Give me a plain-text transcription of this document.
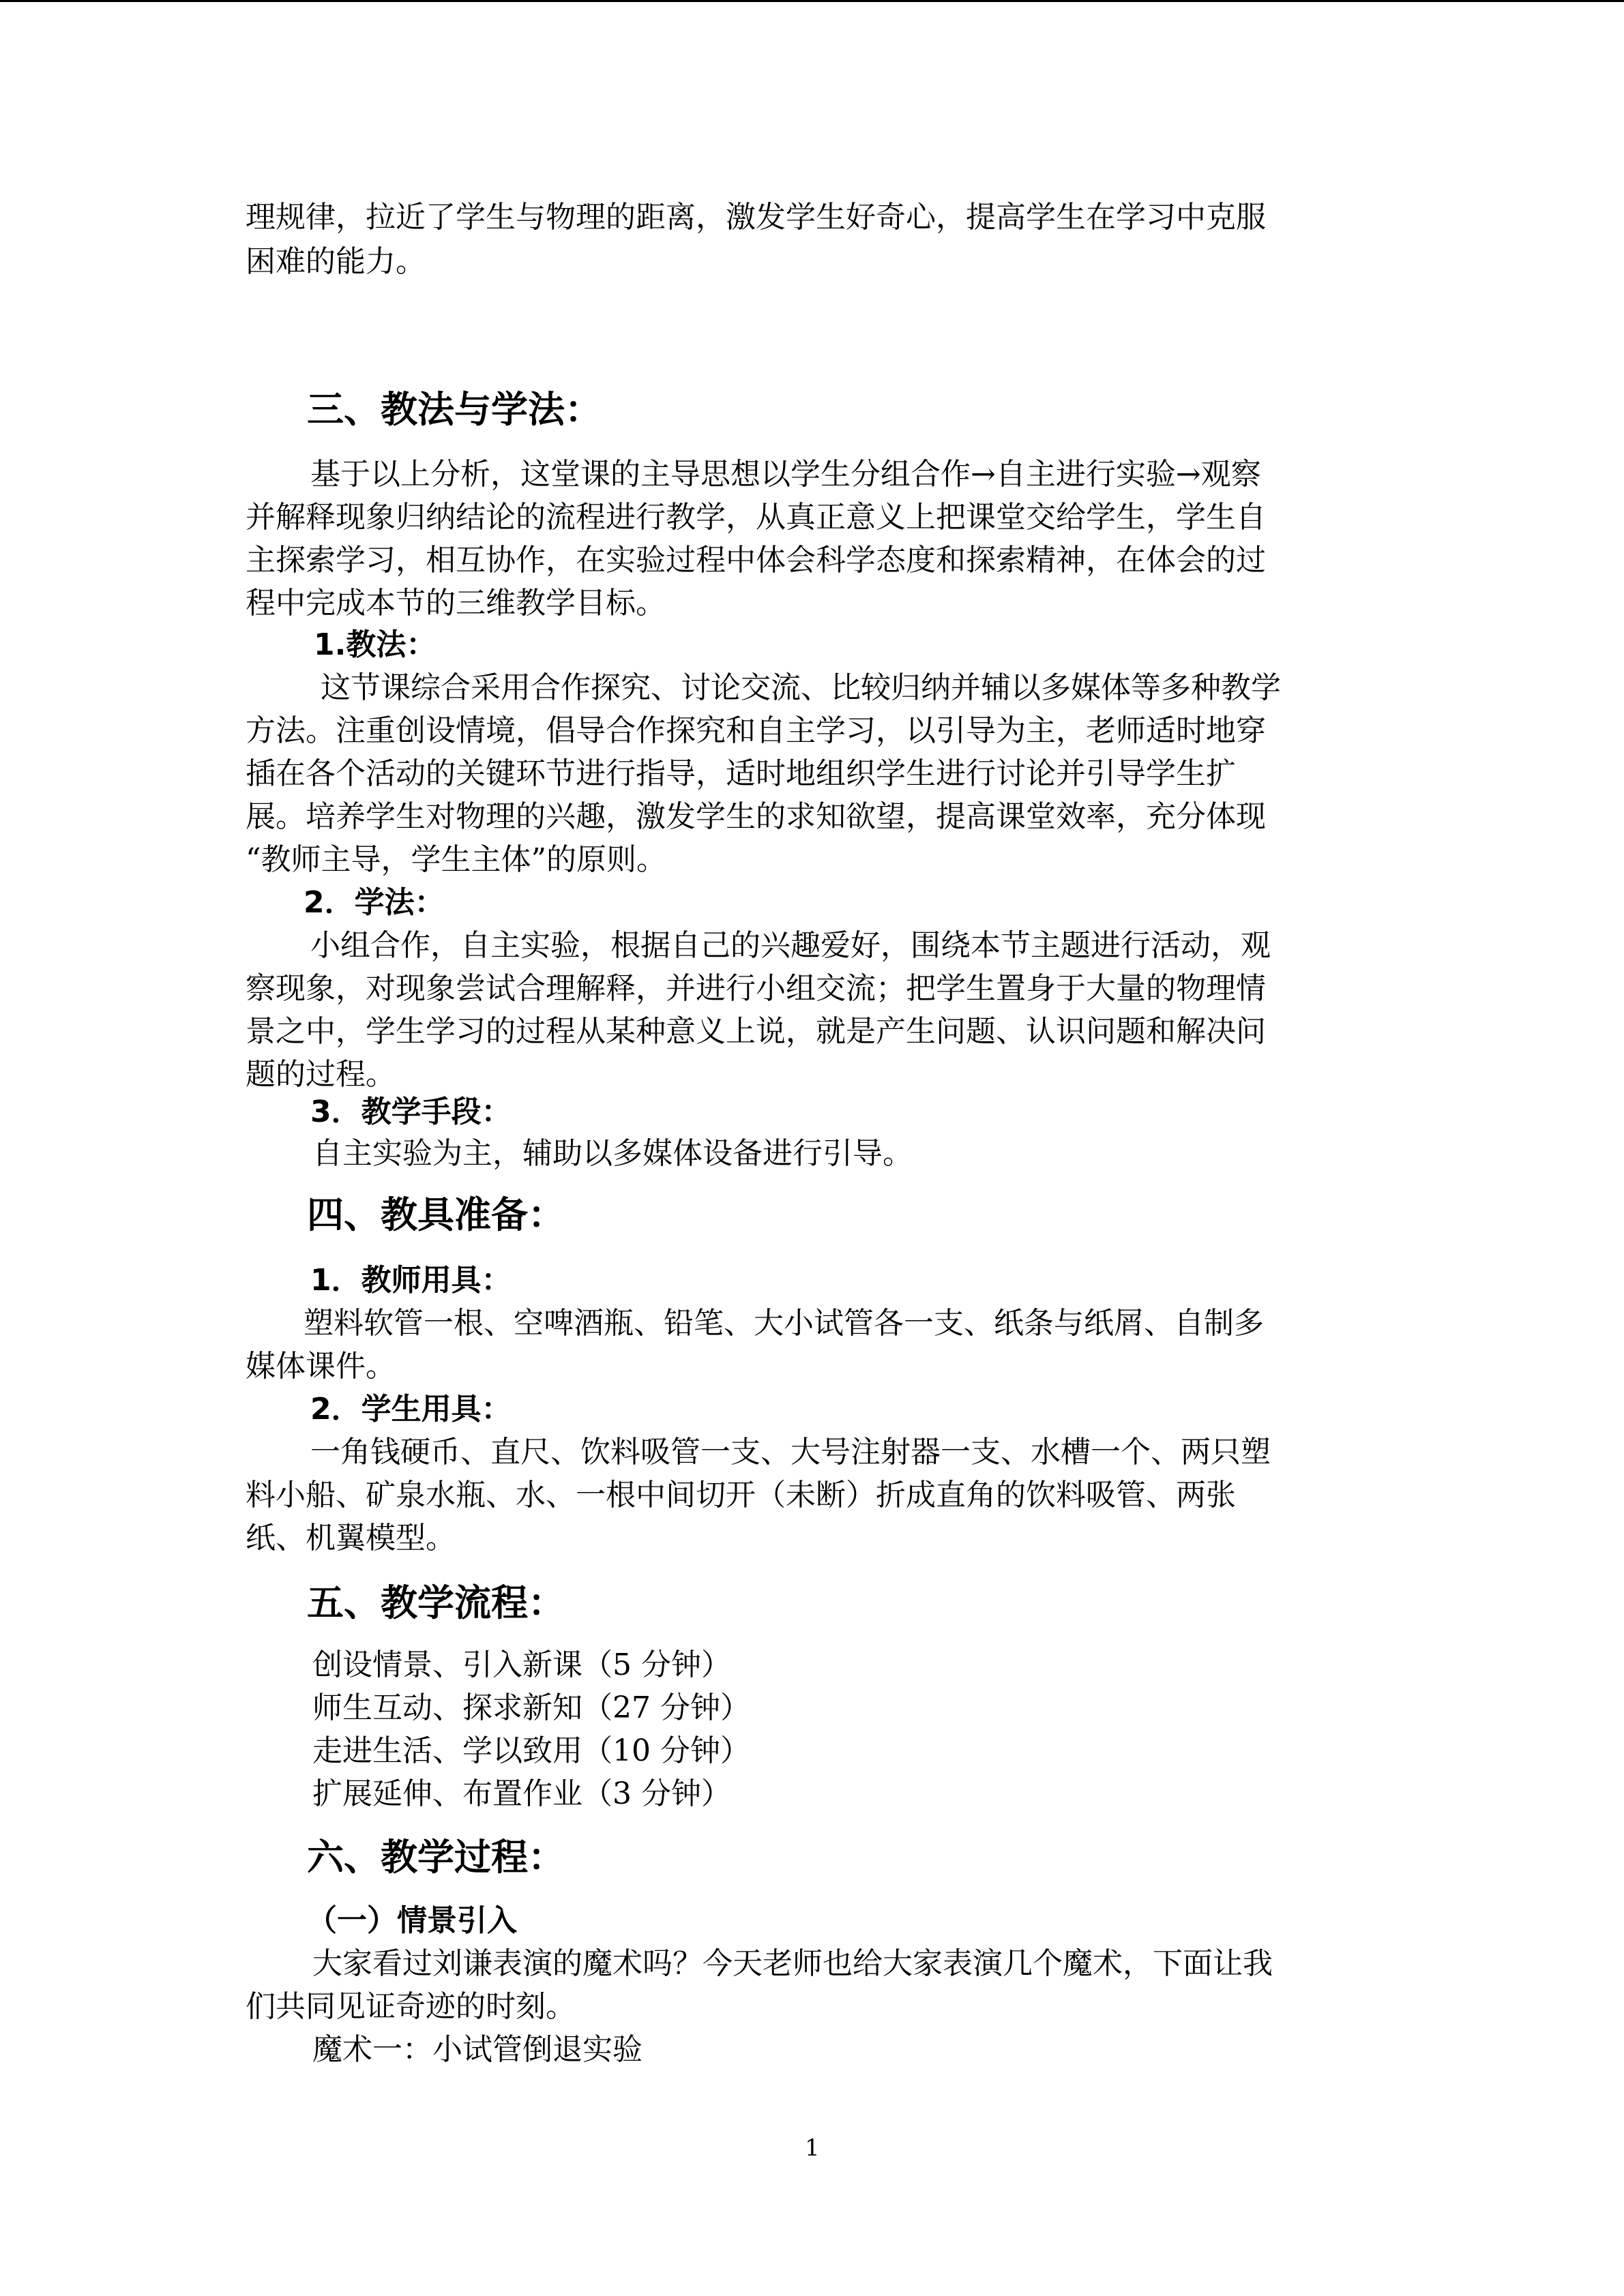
理规律，拉近了学生与物理的距离，激发学生好奇心，提高学生在学习中克服
困难的能力。
三、教法与学法：
基于以上分析，这堂课的主导思想以学生分组合作→自主进行实验→观察
并解释现象归纳结论的流程进行教学，从真正意义上把课堂交给学生，学生自
主探索学习，相互协作，在实验过程中体会科学态度和探索精神，在体会的过
程中完成本节的三维教学目标。
1.教法：
这节课综合采用合作探究、讨论交流、比较归纳并辅以多媒体等多种教学
方法。注重创设情境，倡导合作探究和自主学习，以引导为主，老师适时地穿
插在各个活动的关键环节进行指导，适时地组织学生进行讨论并引导学生扩
展。培养学生对物理的兴趣，激发学生的求知欲望，提高课堂效率，充分体现
“教师主导，学生主体”的原则。
2．学法：
小组合作，自主实验，根据自己的兴趣爱好，围绕本节主题进行活动，观
察现象，对现象尝试合理解释，并进行小组交流；把学生置身于大量的物理情
景之中，学生学习的过程从某种意义上说，就是产生问题、认识问题和解决问
题的过程。
3．教学手段：
自主实验为主，辅助以多媒体设备进行引导。
四、教具准备：
1．教师用具：
塑料软管一根、空啤酒瓶、铅笔、大小试管各一支、纸条与纸屑、自制多
媒体课件。
2．学生用具：
一角钱硬币、直尺、饮料吸管一支、大号注射器一支、水槽一个、两只塑
料小船、矿泉水瓶、水、一根中间切开（未断）折成直角的饮料吸管、两张
纸、机翼模型。
五、教学流程：
创设情景、引入新课（5 分钟）
师生互动、探求新知（27 分钟）
走进生活、学以致用（10 分钟）
扩展延伸、布置作业（3 分钟）
六、教学过程：
（一）情景引入
大家看过刘谦表演的魔术吗？今天老师也给大家表演几个魔术，下面让我
们共同见证奇迹的时刻。
魔术一：小试管倒退实验
1
